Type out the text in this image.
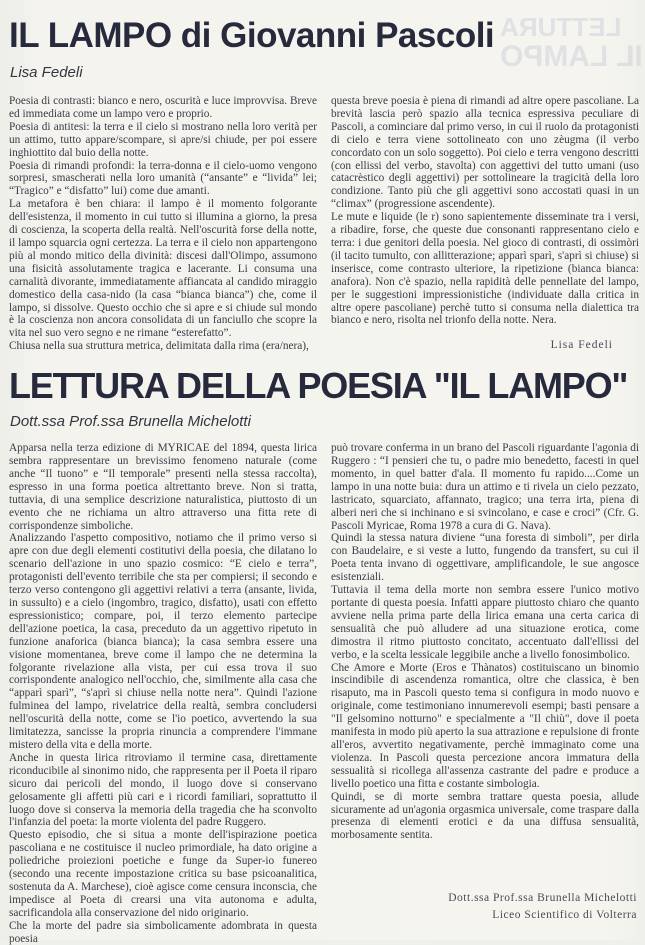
LETTURA
IL LAMPO
IL LAMPO di Giovanni Pascoli

Lisa Fedeli

Poesia di contrasti: bianco e nero, oscurità e luce improvvisa. Breve ed immediata come un lampo vero e proprio.

Poesia di antitesi: la terra e il cielo si mostrano nella loro verità per un attimo, tutto appare/scompare, si apre/si chiude, per poi essere inghiottito dal buio della notte.

Poesia di rimandi profondi: la terra-donna e il cielo-uomo vengono sorpresi, smascherati nella loro umanità (“ansante” e “livida” lei; “Tragico” e “disfatto” lui) come due amanti.

La metafora è ben chiara: il lampo è il momento folgorante dell'esistenza, il momento in cui tutto si illumina a giorno, la presa di coscienza, la scoperta della realtà. Nell'oscurità forse della notte, il lampo squarcia ogni certezza. La terra e il cielo non appartengono più al mondo mitico della divinità: discesi dall'Olimpo, assumono una fisicità assolutamente tragica e lacerante. Li consuma una carnalità divorante, immediatamente affiancata al candido miraggio domestico della casa-nido (la casa “bianca bianca”) che, come il lampo, si dissolve. Questo occhio che si apre e si chiude sul mondo è la coscienza non ancora consolidata di un fanciullo che scopre la vita nel suo vero segno e ne rimane “esterefatto”.

Chiusa nella sua struttura metrica, delimitata dalla rima (era/nera),

questa breve poesia è piena di rimandi ad altre opere pascoliane. La brevità lascia però spazio alla tecnica espressiva peculiare di Pascoli, a cominciare dal primo verso, in cui il ruolo da protagonisti di cielo e terra viene sottolineato con uno zèugma (il verbo concordato con un solo soggetto). Poi cielo e terra vengono descritti (con ellissi del verbo, stavolta) con aggettivi del tutto umani (uso catacrèstico degli aggettivi) per sottolineare la tragicità della loro condizione. Tanto più che gli aggettivi sono accostati quasi in un “climax” (progressione ascendente).

Le mute e liquide (le r) sono sapientemente disseminate tra i versi, a ribadire, forse, che queste due consonanti rappresentano cielo e terra: i due genitori della poesia. Nel gioco di contrasti, di ossimòri (il tacito tumulto, con allitterazione; apparì sparì, s'aprì si chiuse) si inserisce, come contrasto ulteriore, la ripetizione (bianca bianca: anafora). Non c'è spazio, nella rapidità delle pennellate del lampo, per le suggestioni impressionistiche (individuate dalla critica in altre opere pascoliane) perchè tutto si consuma nella dialettica tra bianco e nero, risolta nel trionfo della notte. Nera.

Lisa Fedeli

LETTURA DELLA POESIA "IL LAMPO"

Dott.ssa Prof.ssa Brunella Michelotti

Apparsa nella terza edizione di MYRICAE del 1894, questa lirica sembra rappresentare un brevissimo fenomeno naturale (come anche “Il tuono” e “Il temporale” presenti nella stessa raccolta), espresso in una forma poetica altrettanto breve. Non si tratta, tuttavia, di una semplice descrizione naturalistica, piuttosto di un evento che ne richiama un altro attraverso una fitta rete di corrispondenze simboliche.

Analizzando l'aspetto compositivo, notiamo che il primo verso si apre con due degli elementi costitutivi della poesia, che dilatano lo scenario dell'azione in uno spazio cosmico: “E cielo e terra”, protagonisti dell'evento terribile che sta per compiersi; il secondo e terzo verso contengono gli aggettivi relativi a terra (ansante, livida, in sussulto) e a cielo (ingombro, tragico, disfatto), usati con effetto espressionistico; compare, poi, il terzo elemento partecipe dell'azione poetica, la casa, preceduto da un aggettivo ripetuto in funzione anaforica (bianca bianca); la casa sembra essere una visione momentanea, breve come il lampo che ne determina la folgorante rivelazione alla vista, per cui essa trova il suo corrispondente analogico nell'occhio, che, similmente alla casa che “apparì sparì”, “s'aprì si chiuse nella notte nera”. Quindi l'azione fulminea del lampo, rivelatrice della realtà, sembra concludersi nell'oscurità della notte, come se l'io poetico, avvertendo la sua limitatezza, sancisse la propria rinuncia a comprendere l'immane mistero della vita e della morte.

Anche in questa lirica ritroviamo il termine casa, direttamente riconducibile al sinonimo nido, che rappresenta per il Poeta il riparo sicuro dai pericoli del mondo, il luogo dove si conservano gelosamente gli affetti più cari e i ricordi familiari, soprattutto il luogo dove si conserva la memoria della tragedia che ha sconvolto l'infanzia del poeta: la morte violenta del padre Ruggero.

Questo episodio, che si situa a monte dell'ispirazione poetica pascoliana e ne costituisce il nucleo primordiale, ha dato origine a poliedriche proiezioni poetiche e funge da Super-io funereo (secondo una recente impostazione critica su base psicoanalitica, sostenuta da A. Marchese), cioè agisce come censura inconscia, che impedisce al Poeta di crearsi una vita autonoma e adulta, sacrificandola alla conservazione del nido originario.

Che la morte del padre sia simbolicamente adombrata in questa poesia

può trovare conferma in un brano del Pascoli riguardante l'agonia di Ruggero : “I pensieri che tu, o padre mio benedetto, facesti in quel momento, in quel batter d'ala. Il momento fu rapido....Come un lampo in una notte buia: dura un attimo e ti rivela un cielo pezzato, lastricato, squarciato, affannato, tragico; una terra irta, piena di alberi neri che si inchinano e si svincolano, e case e croci” (Cfr. G. Pascoli Myricae, Roma 1978 a cura di G. Nava).

Quindi la stessa natura diviene “una foresta di simboli”, per dirla con Baudelaire, e si veste a lutto, fungendo da transfert, su cui il Poeta tenta invano di oggettivare, amplificandole, le sue angosce esistenziali.

Tuttavia il tema della morte non sembra essere l'unico motivo portante di questa poesia. Infatti appare piuttosto chiaro che quanto avviene nella prima parte della lirica emana una certa carica di sensualità che può alludere ad una situazione erotica, come dimostra il ritmo piuttosto concitato, accentuato dall'ellissi del verbo, e la scelta lessicale leggibile anche a livello fonosimbolico.

Che Amore e Morte (Eros e Thànatos) costituiscano un binomio inscindibile di ascendenza romantica, oltre che classica, è ben risaputo, ma in Pascoli questo tema si configura in modo nuovo e originale, come testimoniano innumerevoli esempi; basti pensare a "Il gelsomino notturno" e specialmente a "Il chiù", dove il poeta manifesta in modo più aperto la sua attrazione e repulsione di fronte all'eros, avvertito negativamente, perchè immaginato come una violenza. In Pascoli questa percezione ancora immatura della sessualità si ricollega all'assenza castrante del padre e produce a livello poetico una fitta e costante simbologia.

Quindi, se di morte sembra trattare questa poesia, allude sicuramente ad un'agonia orgasmica universale, come traspare dalla presenza di elementi erotici e da una diffusa sensualità, morbosamente sentita.

Dott.ssa Prof.ssa Brunella Michelotti
Liceo Scientifico di Volterra
